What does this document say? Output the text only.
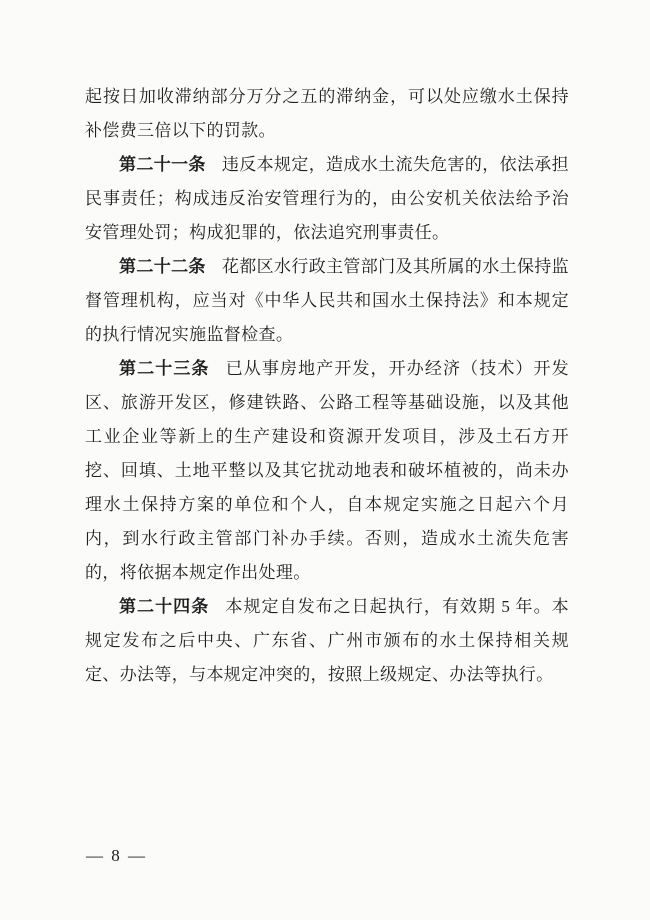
起按日加收滞纳部分万分之五的滞纳金，可以处应缴水土保持补偿费三倍以下的罚款。

第二十一条 违反本规定，造成水土流失危害的，依法承担民事责任；构成违反治安管理行为的，由公安机关依法给予治安管理处罚；构成犯罪的，依法追究刑事责任。

第二十二条 花都区水行政主管部门及其所属的水土保持监督管理机构，应当对《中华人民共和国水土保持法》和本规定的执行情况实施监督检查。

第二十三条 已从事房地产开发，开办经济（技术）开发区、旅游开发区，修建铁路、公路工程等基础设施，以及其他工业企业等新上的生产建设和资源开发项目，涉及土石方开挖、回填、土地平整以及其它扰动地表和破坏植被的，尚未办理水土保持方案的单位和个人，自本规定实施之日起六个月内，到水行政主管部门补办手续。否则，造成水土流失危害的，将依据本规定作出处理。

第二十四条 本规定自发布之日起执行，有效期 5 年。本规定发布之后中央、广东省、广州市颁布的水土保持相关规定、办法等，与本规定冲突的，按照上级规定、办法等执行。

— 8 —
